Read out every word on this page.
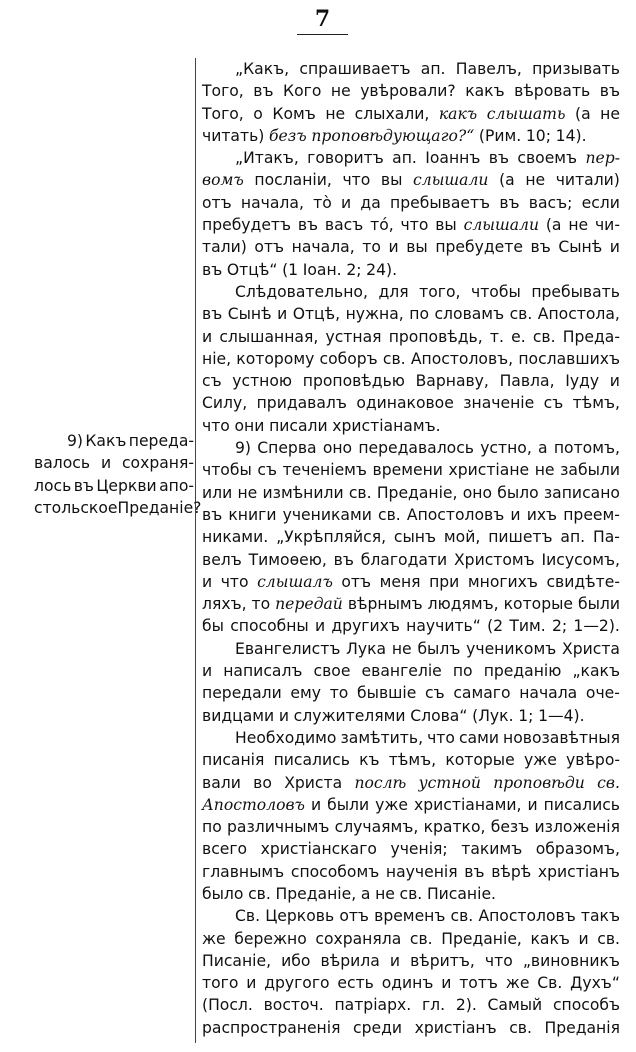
7
9) Какъ переда-
валось и сохраня-
лось въ Церкви апо-
стольское Преданіе?
„Какъ, спрашиваетъ ап. Павелъ, призывать
Того, въ Кого не увѣровали? какъ вѣровать въ
Того, о Комъ не слыхали, какъ слышать (а не
читать) безъ проповѣдующаго?“ (Рим. 10; 14).
„Итакъ, говоритъ ап. Іоаннъ въ своемъ пер-
вомъ посланіи, что вы слышали (а не читали)
отъ начала, тò и да пребываетъ въ васъ; если
пребудетъ въ васъ тó, что вы слышали (а не чи-
тали) отъ начала, то и вы пребудете въ Сынѣ и
въ Отцѣ“ (1 Іоан. 2; 24).
Слѣдовательно, для того, чтобы пребывать
въ Сынѣ и Отцѣ, нужна, по словамъ св. Апостола,
и слышанная, устная проповѣдь, т. е. св. Преда-
ніе, которому соборъ св. Апостоловъ, пославшихъ
съ устною проповѣдью Варнаву, Павла, Іуду и
Силу, придавалъ одинаковое значеніе съ тѣмъ,
что они писали христіанамъ.
9) Сперва оно передавалось устно, а потомъ,
чтобы съ теченіемъ времени христіане не забыли
или не измѣнили св. Преданіе, оно было записано
въ книги учениками св. Апостоловъ и ихъ преем-
никами. „Укрѣпляйся, сынъ мой, пишетъ ап. Па-
велъ Тимоѳею, въ благодати Христомъ Іисусомъ,
и что слышалъ отъ меня при многихъ свидѣте-
ляхъ, то передай вѣрнымъ людямъ, которые были
бы способны и другихъ научить“ (2 Тим. 2; 1—2).
Евангелистъ Лука не былъ ученикомъ Христа
и написалъ свое евангеліе по преданію „какъ
передали ему то бывшіе съ самаго начала оче-
видцами и служителями Слова“ (Лук. 1; 1—4).
Необходимо замѣтить, что сами новозавѣтныя
писанія писались къ тѣмъ, которые уже увѣро-
вали во Христа послѣ устной проповѣди св.
Апостоловъ и были уже христіанами, и писались
по различнымъ случаямъ, кратко, безъ изложенія
всего христіанскаго ученія; такимъ образомъ,
главнымъ способомъ наученія въ вѣрѣ христіанъ
было св. Преданіе, а не св. Писаніе.
Св. Церковь отъ временъ св. Апостоловъ такъ
же бережно сохраняла св. Преданіе, какъ и св.
Писаніе, ибо вѣрила и вѣритъ, что „виновникъ
того и другого есть одинъ и тотъ же Св. Духъ“
(Посл. восточ. патріарх. гл. 2). Самый способъ
распространенія среди христіанъ св. Преданія
